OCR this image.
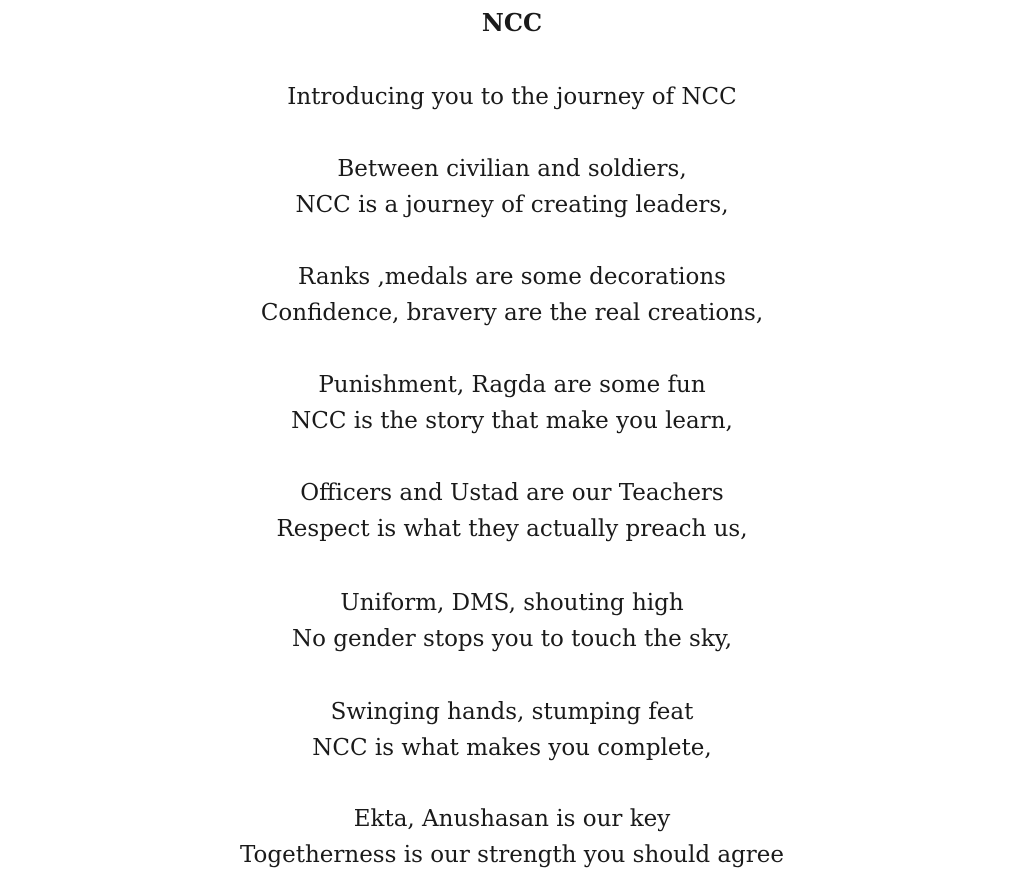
NCC
Introducing you to the journey of NCC
Between civilian and soldiers,
NCC is a journey of creating leaders,
Ranks ,medals are some decorations
Confidence, bravery are the real creations,
Punishment, Ragda are some fun
NCC is the story that make you learn,
Officers and Ustad are our Teachers
Respect is what they actually preach us,
Uniform, DMS, shouting high
No gender stops you to touch the sky,
Swinging hands, stumping feat
NCC is what makes you complete,
Ekta, Anushasan is our key
Togetherness is our strength you should agree
